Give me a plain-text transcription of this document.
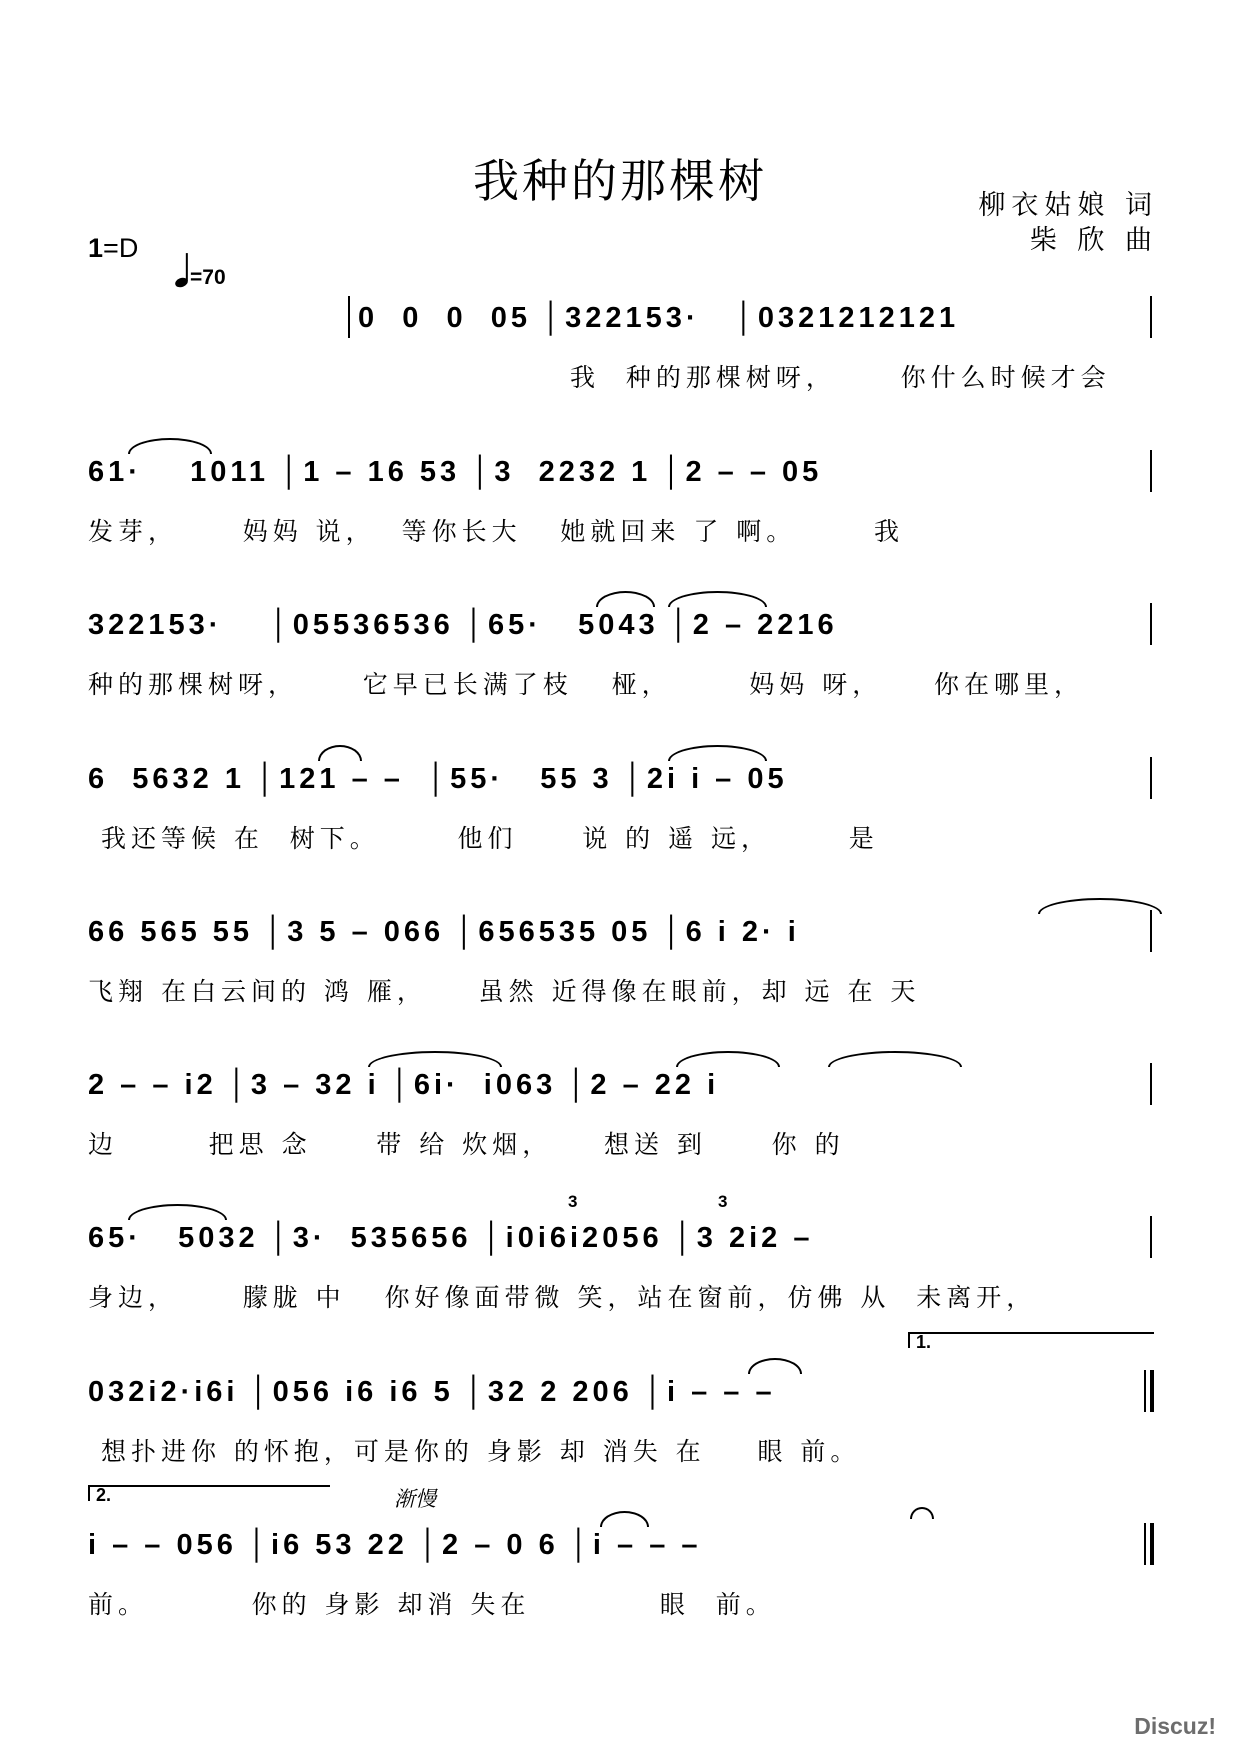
我种的那棵树	柳衣姑娘 词
柴 欣 曲
1=D
=70
0  0  0  05 │322153·   │0321212121
我  种的那棵树呀，     你什么时候才会
61·    1011 │1 – 16 53 │3  2232 1 │2 – – 05
发芽，     妈妈 说，  等你长大   她就回来 了 啊。      我
322153·    │05536536 │65·   5043 │2 – 2216
种的那棵树呀，     它早已长满了枝   桠，      妈妈 呀，    你在哪里，
6  5632 1 │121 – –  │55·   55 3 │2i i – 05
我还等候 在  树下。      他们     说 的 遥 远，      是
66 565 55 │3 5 – 066 │656535 05 │6 i 2· i
飞翔 在白云间的 鸿 雁，    虽然 近得像在眼前，却 远 在 天
2 – – i2 │3 – 32 i │6i·  i063 │2 – 22 i
边       把思 念     带 给 炊烟，    想送 到     你 的
3	3
65·   5032 │3·  535656 │i0i6i2056 │3 2i2 –
身边，     朦胧 中   你好像面带微 笑，站在窗前，仿佛 从  未离开，
1.
032i2·i6i │056 i6 i6 5 │32 2 206 │i – – –
想扑进你 的怀抱，可是你的 身影 却 消失 在    眼 前。
2.	渐慢
i – – 056 │i6 53 22 │2 – 0 6 │i – – –
前。        你的 身影 却消 失在          眼  前。
Discuz!
